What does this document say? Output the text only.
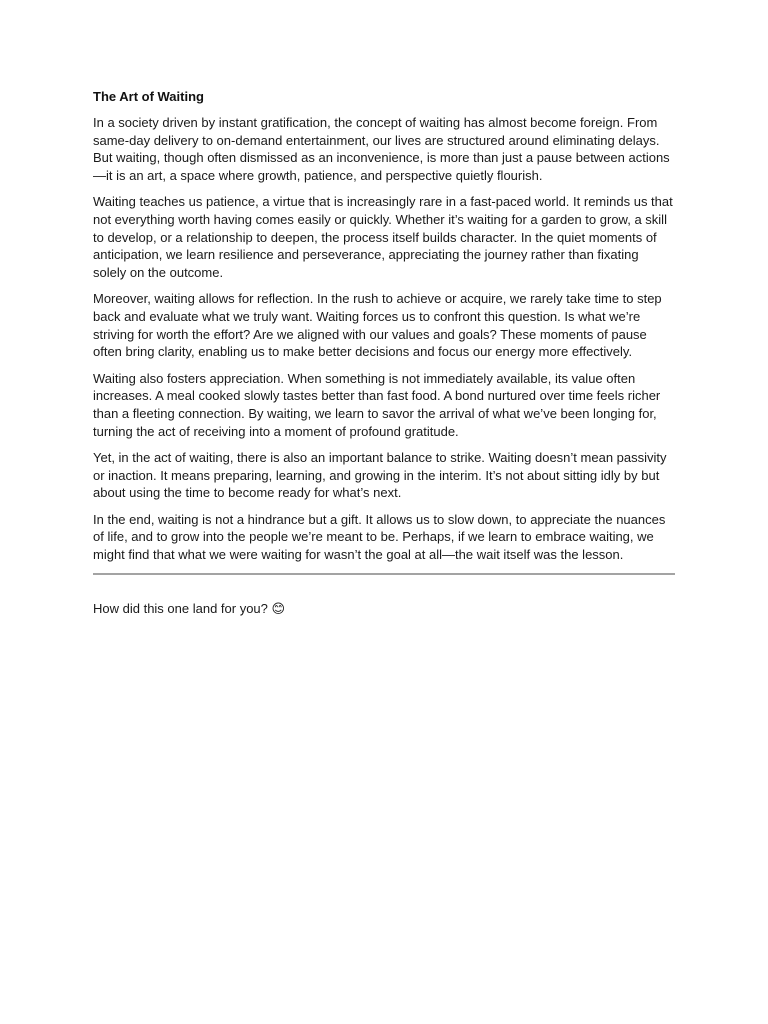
The Art of Waiting

In a society driven by instant gratification, the concept of waiting has almost become foreign. From same-day delivery to on-demand entertainment, our lives are structured around eliminating delays. But waiting, though often dismissed as an inconvenience, is more than just a pause between actions—it is an art, a space where growth, patience, and perspective quietly flourish.

Waiting teaches us patience, a virtue that is increasingly rare in a fast-paced world. It reminds us that not everything worth having comes easily or quickly. Whether it’s waiting for a garden to grow, a skill to develop, or a relationship to deepen, the process itself builds character. In the quiet moments of anticipation, we learn resilience and perseverance, appreciating the journey rather than fixating solely on the outcome.

Moreover, waiting allows for reflection. In the rush to achieve or acquire, we rarely take time to step back and evaluate what we truly want. Waiting forces us to confront this question. Is what we’re striving for worth the effort? Are we aligned with our values and goals? These moments of pause often bring clarity, enabling us to make better decisions and focus our energy more effectively.

Waiting also fosters appreciation. When something is not immediately available, its value often increases. A meal cooked slowly tastes better than fast food. A bond nurtured over time feels richer than a fleeting connection. By waiting, we learn to savor the arrival of what we’ve been longing for, turning the act of receiving into a moment of profound gratitude.

Yet, in the act of waiting, there is also an important balance to strike. Waiting doesn’t mean passivity or inaction. It means preparing, learning, and growing in the interim. It’s not about sitting idly by but about using the time to become ready for what’s next.

In the end, waiting is not a hindrance but a gift. It allows us to slow down, to appreciate the nuances of life, and to grow into the people we’re meant to be. Perhaps, if we learn to embrace waiting, we might find that what we were waiting for wasn’t the goal at all—the wait itself was the lesson.

How did this one land for you? 😊
